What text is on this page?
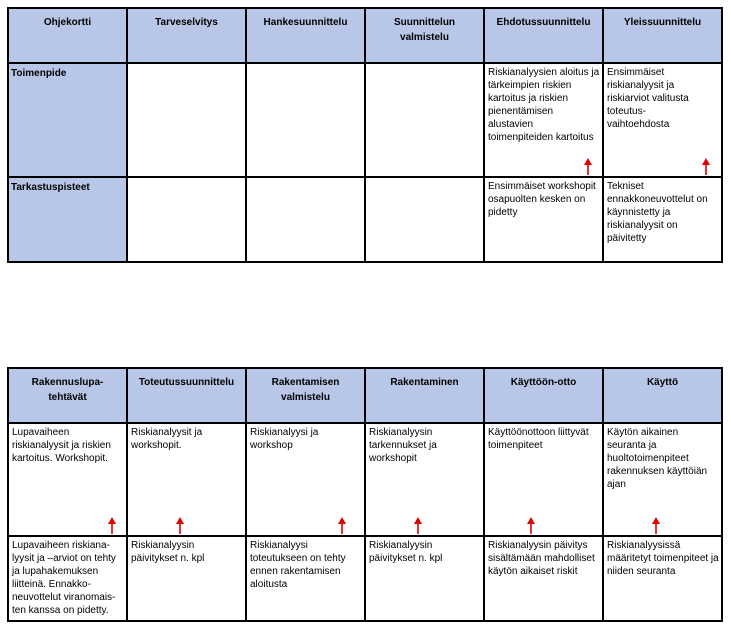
Ohjekortti	Tarveselvitys	Hankesuunnittelu	Suunnittelun valmistelu	Ehdotussuunnittelu	Yleissuunnittelu
Toimenpide				Riskianalyysien aloitus ja tärkeimpien riskien kartoitus ja riskien pienentämisen alustavien toimenpiteiden kartoitus	Ensimmäiset riskianalyysit ja riskiarviot valitusta toteutus-vaihtoehdosta

Tarkastuspisteet				Ensimmäiset workshopit osapuolten kesken on pidetty	Tekniset ennakkoneuvottelut on käynnistetty ja riskianalyysit on päivitetty
Rakennuslupa-tehtävät	Toteutussuunnittelu	Rakentamisen valmistelu	Rakentaminen	Käyttöön-otto	Käyttö

Lupavaiheen riskianalyysit ja riskien kartoitus. Workshopit.	Riskianalyysit ja workshopit.	Riskianalyysi ja workshop	Riskianalyysin tarkennukset ja workshopit	Käyttöönottoon liittyvät toimenpiteet	Käytön aikainen seuranta ja huoltotoimenpiteet rakennuksen käyttöiän ajan

Lupavaiheen riskiana-lyysit ja –arviot on tehty ja lupahakemuksen liitteinä. Ennakko-neuvottelut viranomais-ten kanssa on pidetty.	Riskianalyysin päivitykset n. kpl	Riskianalyysi toteutukseen on tehty ennen rakentamisen aloitusta	Riskianalyysin päivitykset n. kpl	Riskianalyysin päivitys sisältämään mahdolliset käytön aikaiset riskit	Riskianalyysissä määritetyt toimenpiteet ja niiden seuranta
